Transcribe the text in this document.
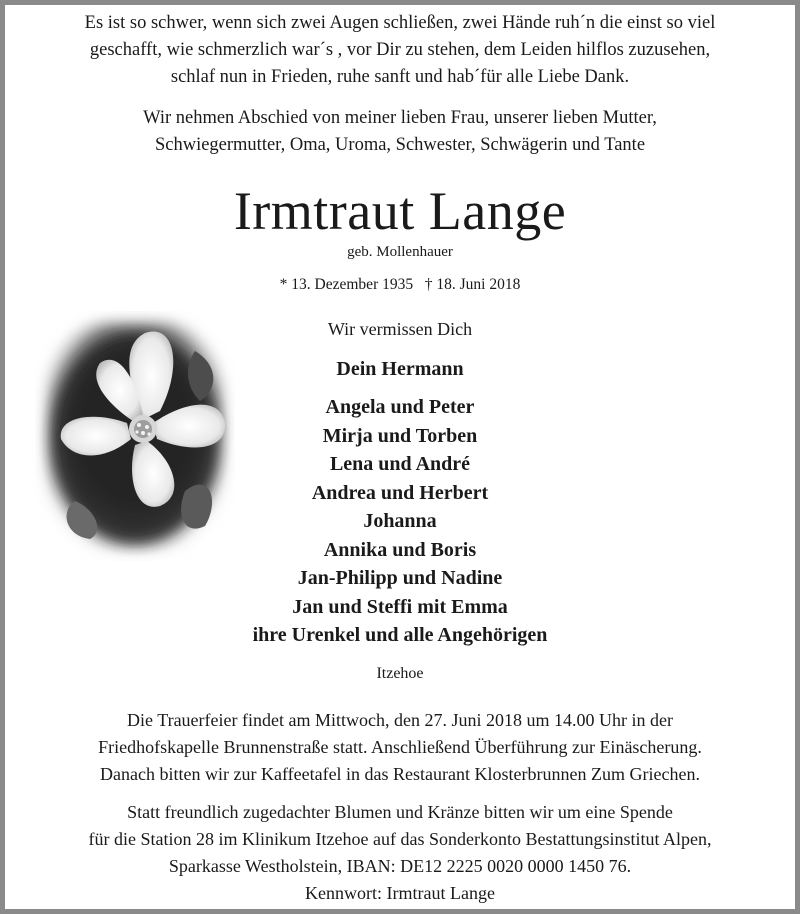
Es ist so schwer, wenn sich zwei Augen schließen, zwei Hände ruh´n die einst so viel
geschafft, wie schmerzlich war´s , vor Dir zu stehen, dem Leiden hilflos zuzusehen,
schlaf nun in Frieden, ruhe sanft und hab´für alle Liebe Dank.
Wir nehmen Abschied von meiner lieben Frau, unserer lieben Mutter,
Schwiegermutter, Oma, Uroma, Schwester, Schwägerin und Tante
Irmtraut Lange
geb. Mollenhauer
* 13. Dezember 1935 † 18. Juni 2018
Wir vermissen Dich
Dein Hermann
Angela und Peter
Mirja und Torben
Lena und André
Andrea und Herbert
Johanna
Annika und Boris
Jan-Philipp und Nadine
Jan und Steffi mit Emma
ihre Urenkel und alle Angehörigen
Itzehoe
Die Trauerfeier findet am Mittwoch, den 27. Juni 2018 um 14.00 Uhr in der
Friedhofskapelle Brunnenstraße statt. Anschließend Überführung zur Einäscherung.
Danach bitten wir zur Kaffeetafel in das Restaurant Klosterbrunnen Zum Griechen.
Statt freundlich zugedachter Blumen und Kränze bitten wir um eine Spende
für die Station 28 im Klinikum Itzehoe auf das Sonderkonto Bestattungsinstitut Alpen,
Sparkasse Westholstein, IBAN: DE12 2225 0020 0000 1450 76.
Kennwort: Irmtraut Lange
